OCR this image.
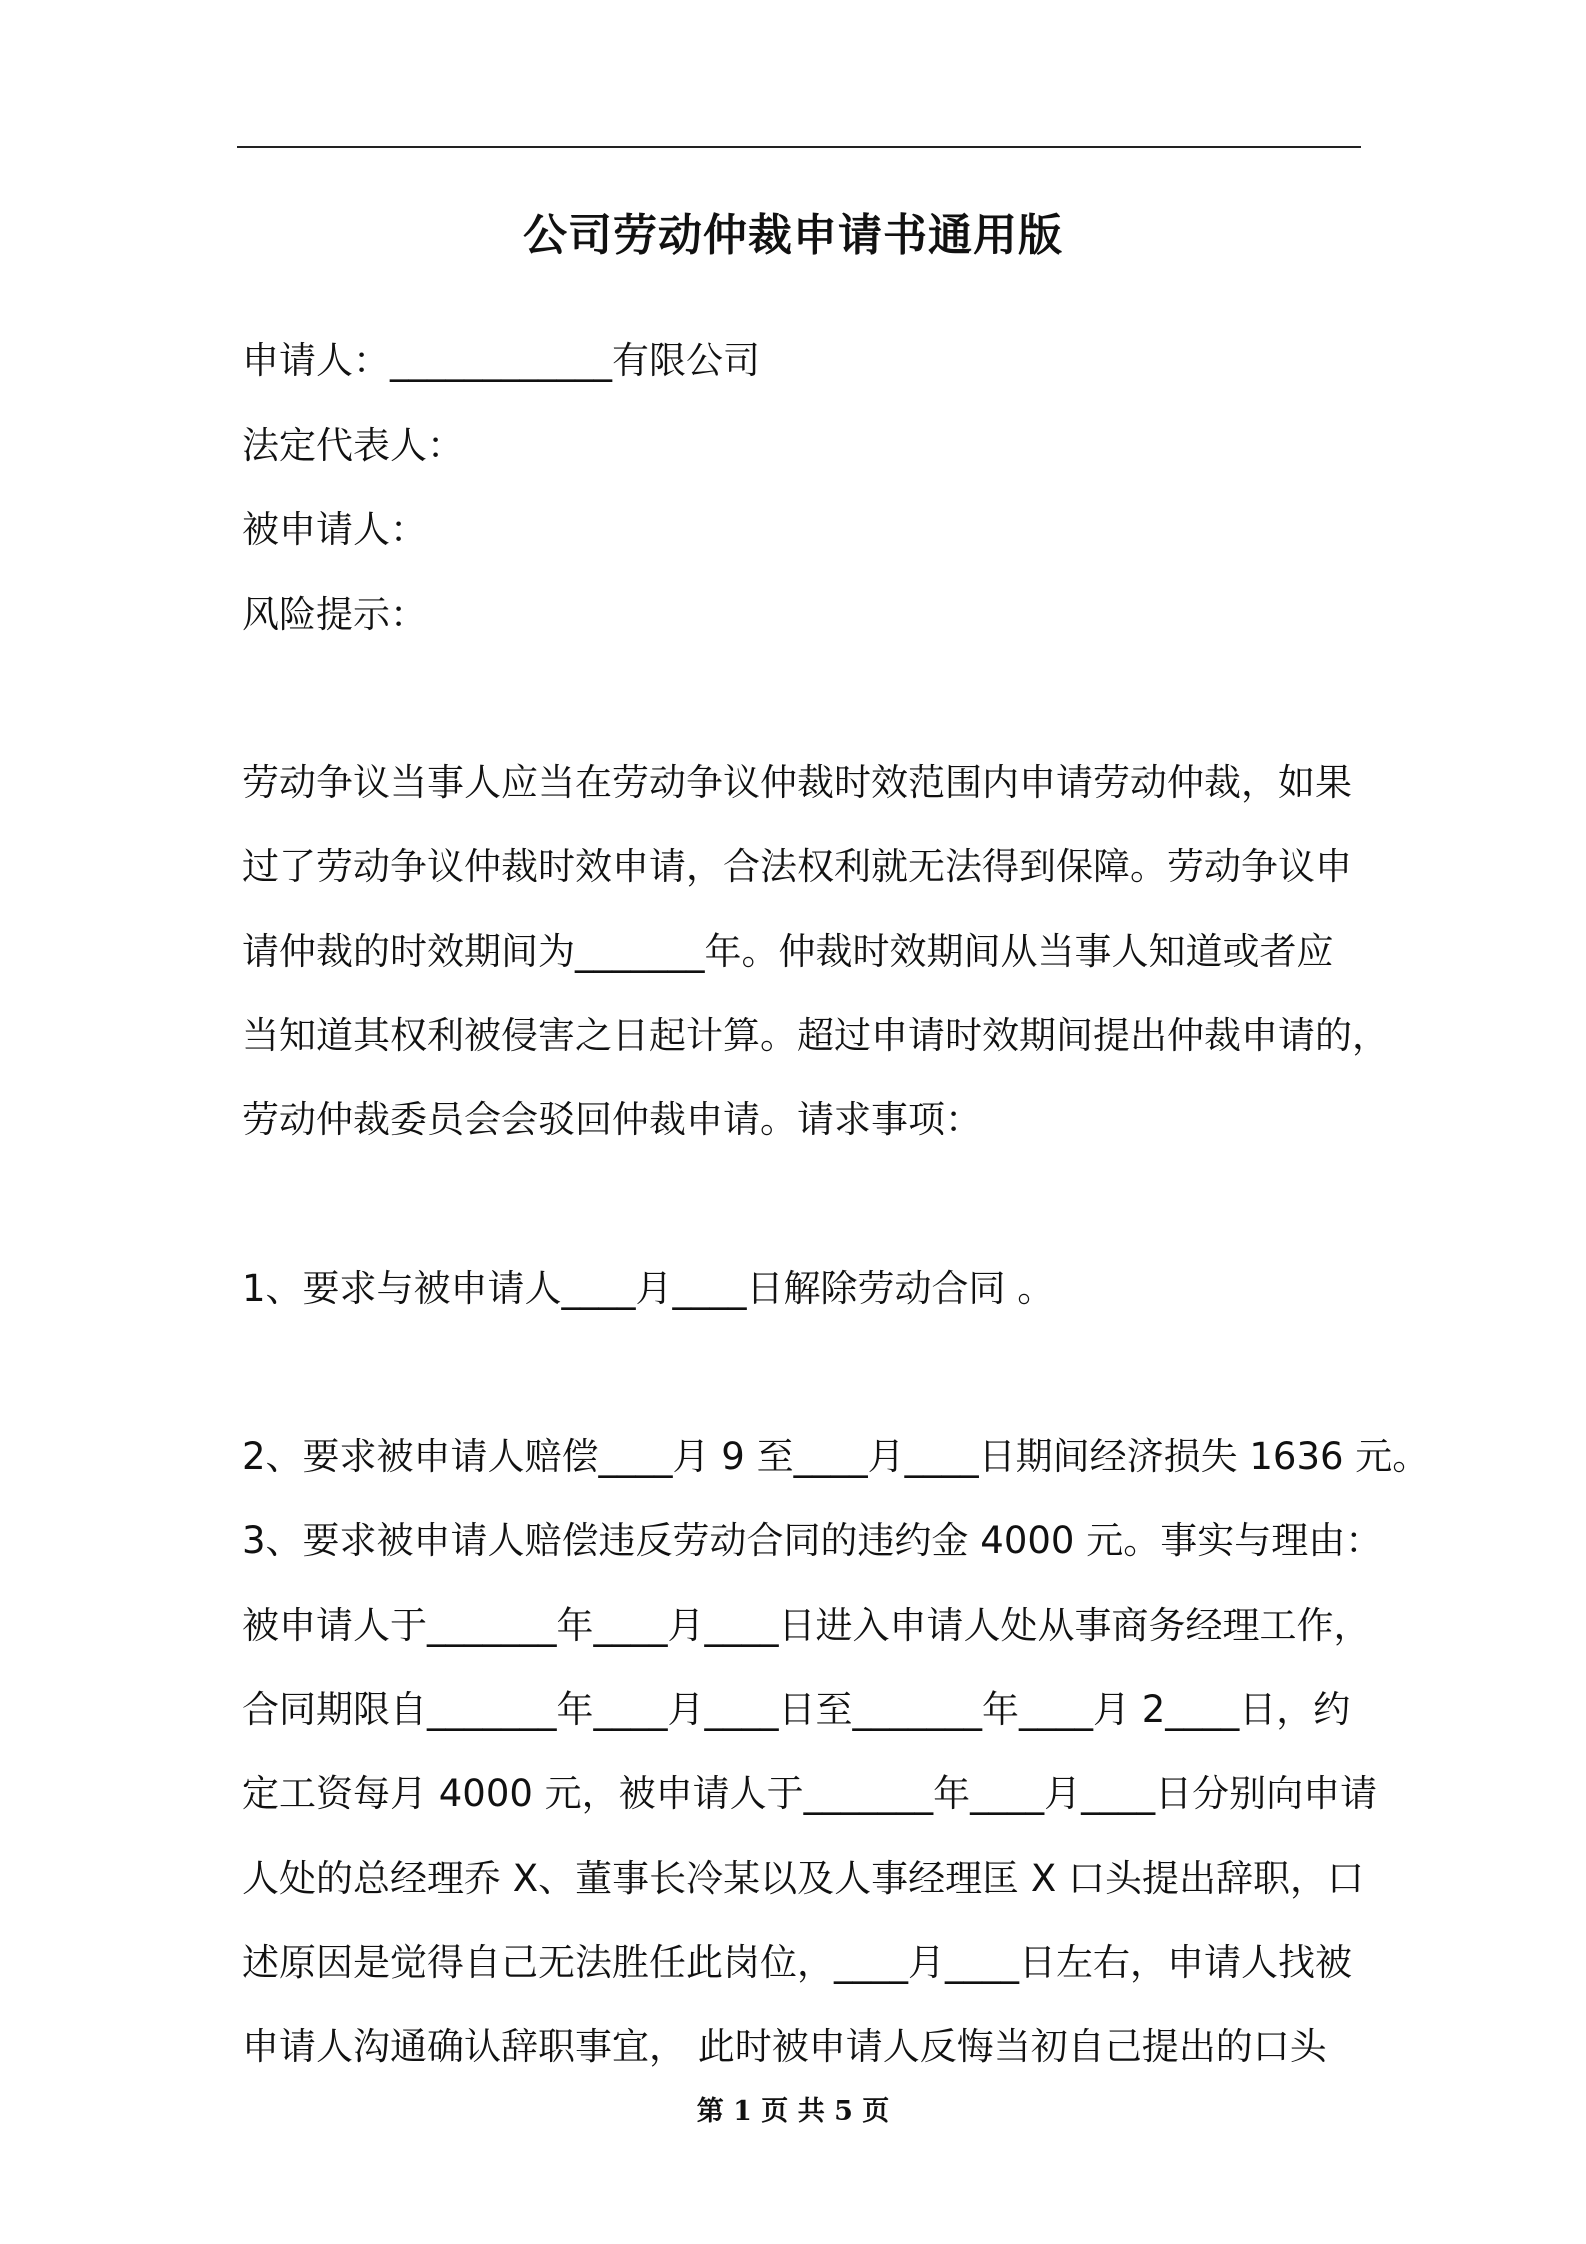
公司劳动仲裁申请书通用版
申请人：____________有限公司
法定代表人：
被申请人：
风险提示：
劳动争议当事人应当在劳动争议仲裁时效范围内申请劳动仲裁，如果
过了劳动争议仲裁时效申请，合法权利就无法得到保障。劳动争议申
请仲裁的时效期间为_______年。仲裁时效期间从当事人知道或者应
当知道其权利被侵害之日起计算。超过申请时效期间提出仲裁申请的，
劳动仲裁委员会会驳回仲裁申请。请求事项：
1、要求与被申请人____月____日解除劳动合同 。
2、要求被申请人赔偿____月 9 至____月____日期间经济损失 1636 元。
3、要求被申请人赔偿违反劳动合同的违约金 4000 元。事实与理由：
被申请人于_______年____月____日进入申请人处从事商务经理工作，
合同期限自_______年____月____日至_______年____月 2____日，约
定工资每月 4000 元，被申请人于_______年____月____日分别向申请
人处的总经理乔 X、董事长冷某以及人事经理匡 X 口头提出辞职，口
述原因是觉得自己无法胜任此岗位，____月____日左右，申请人找被
申请人沟通确认辞职事宜， 此时被申请人反悔当初自己提出的口头
第 1 页 共 5 页
